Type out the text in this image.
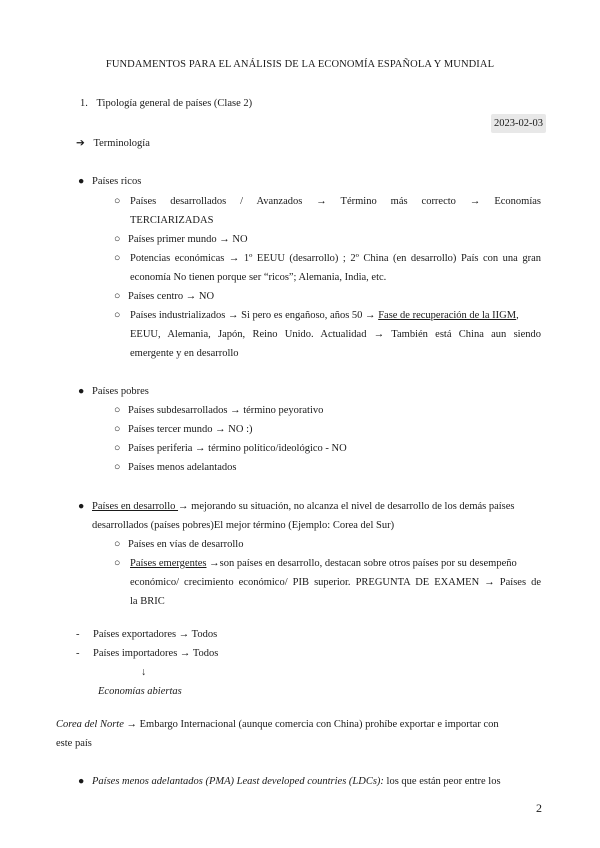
FUNDAMENTOS PARA EL ANÁLISIS DE LA ECONOMÍA ESPAÑOLA Y MUNDIAL
1. Tipología general de países (Clase 2)
2023-02-03
➔ Terminología
● Países ricos
○ Países desarrollados / Avanzados → Término más correcto → Economías
TERCIARIZADAS
○ Países primer mundo → NO
○ Potencias económicas → 1º EEUU (desarrollo) ; 2º China (en desarrollo) País con una gran
economía No tienen porque ser “ricos”; Alemania, India, etc.
○ Países centro → NO
○ Países industrializados → Si pero es engañoso, años 50 → Fase de recuperación de la IIGM,
EEUU, Alemania, Japón, Reino Unido. Actualidad → También está China aun siendo
emergente y en desarrollo
● Países pobres
○ Países subdesarrollados → término peyorativo
○ Países tercer mundo → NO :)
○ Países periferia → término político/ideológico - NO
○ Países menos adelantados
● Países en desarrollo → mejorando su situación, no alcanza el nivel de desarrollo de los demás países
desarrollados (países pobres)El mejor término (Ejemplo: Corea del Sur)
○ Países en vías de desarrollo
○ Países emergentes →son países en desarrollo, destacan sobre otros países por su desempeño
económico/ crecimiento económico/ PIB superior. PREGUNTA DE EXAMEN → Países de
la BRIC
- Países exportadores → Todos
- Países importadores → Todos
↓
Economías abiertas
Corea del Norte → Embargo Internacional (aunque comercia con China) prohíbe exportar e importar con
este país
● Países menos adelantados (PMA) Least developed countries (LDCs): los que están peor entre los
2
